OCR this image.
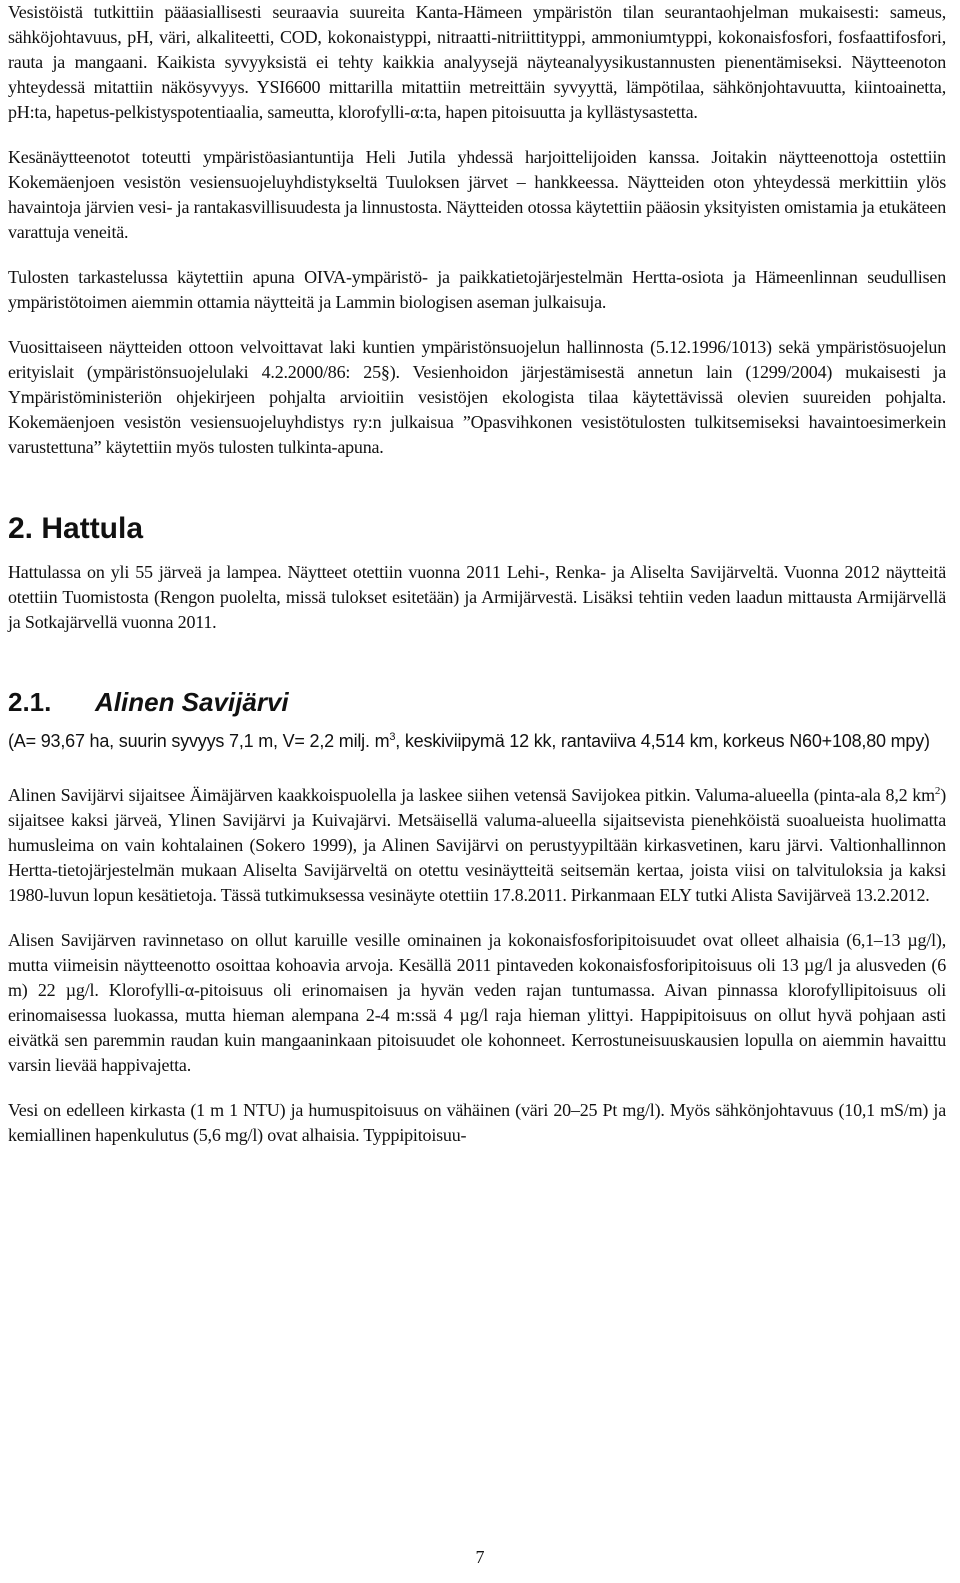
Vesistöistä tutkittiin pääasiallisesti seuraavia suureita Kanta-Hämeen ympäristön tilan seurantaohjelman mukaisesti: sameus, sähköjohtavuus, pH, väri, alkaliteetti, COD, kokonaistyppi, nitraatti-nitriittityppi, ammoniumtyppi, kokonaisfosfori, fosfaattifosfori, rauta ja mangaani. Kaikista syvyyksistä ei tehty kaikkia analyysejä näyteanalyysikustannusten pienentämiseksi. Näytteenoton yhteydessä mitattiin näkösyvyys. YSI6600 mittarilla mitattiin metreittäin syvyyttä, lämpötilaa, sähkönjohtavuutta, kiintoainetta, pH:ta, hapetus-pelkistyspotentiaalia, sameutta, klorofylli-α:ta, hapen pitoisuutta ja kyllästysastetta.

Kesänäytteenotot toteutti ympäristöasiantuntija Heli Jutila yhdessä harjoittelijoiden kanssa. Joitakin näytteenottoja ostettiin Kokemäenjoen vesistön vesiensuojeluyhdistykseltä Tuuloksen järvet – hankkeessa. Näytteiden oton yhteydessä merkittiin ylös havaintoja järvien vesi- ja rantakasvillisuudesta ja linnustosta. Näytteiden otossa käytettiin pääosin yksityisten omistamia ja etukäteen varattuja veneitä.

Tulosten tarkastelussa käytettiin apuna OIVA-ympäristö- ja paikkatietojärjestelmän Hertta-osiota ja Hämeenlinnan seudullisen ympäristötoimen aiemmin ottamia näytteitä ja Lammin biologisen aseman julkaisuja.

Vuosittaiseen näytteiden ottoon velvoittavat laki kuntien ympäristönsuojelun hallinnosta (5.12.1996/1013) sekä ympäristösuojelun erityislait (ympäristönsuojelulaki 4.2.2000/86: 25§). Vesienhoidon järjestämisestä annetun lain (1299/2004) mukaisesti ja Ympäristöministeriön ohjekirjeen pohjalta arvioitiin vesistöjen ekologista tilaa käytettävissä olevien suureiden pohjalta. Kokemäenjoen vesistön vesiensuojeluyhdistys ry:n julkaisua ”Opasvihkonen vesistötulosten tulkitsemiseksi havaintoesimerkein varustettuna” käytettiin myös tulosten tulkinta-apuna.

2. Hattula

Hattulassa on yli 55 järveä ja lampea. Näytteet otettiin vuonna 2011 Lehi-, Renka- ja Aliselta Savijärveltä. Vuonna 2012 näytteitä otettiin Tuomistosta (Rengon puolelta, missä tulokset esitetään) ja Armijärvestä. Lisäksi tehtiin veden laadun mittausta Armijärvellä ja Sotkajärvellä vuonna 2011.

2.1. Alinen Savijärvi

(A= 93,67 ha, suurin syvyys 7,1 m, V= 2,2 milj. $m^3$, keskiviipymä 12 kk, rantaviiva 4,514 km, korkeus N60+108,80 mpy)

Alinen Savijärvi sijaitsee Äimäjärven kaakkoispuolella ja laskee siihen vetensä Savijokea pitkin. Valuma-alueella (pinta-ala 8,2 $km^2$) sijaitsee kaksi järveä, Ylinen Savijärvi ja Kuivajärvi. Metsäisellä valuma-alueella sijaitsevista pienehköistä suoalueista huolimatta humusleima on vain kohtalainen (Sokero 1999), ja Alinen Savijärvi on perustyypiltään kirkasvetinen, karu järvi. Valtionhallinnon Hertta-tietojärjestelmän mukaan Aliselta Savijärveltä on otettu vesinäytteitä seitsemän kertaa, joista viisi on talvituloksia ja kaksi 1980-luvun lopun kesätietoja. Tässä tutkimuksessa vesinäyte otettiin 17.8.2011. Pirkanmaan ELY tutki Alista Savijärveä 13.2.2012.

Alisen Savijärven ravinnetaso on ollut karuille vesille ominainen ja kokonaisfosforipitoisuudet ovat olleet alhaisia (6,1–13 µg/l), mutta viimeisin näytteenotto osoittaa kohoavia arvoja. Kesällä 2011 pintaveden kokonaisfosforipitoisuus oli 13 µg/l ja alusveden (6 m) 22 µg/l. Klorofylli-α-pitoisuus oli erinomaisen ja hyvän veden rajan tuntumassa. Aivan pinnassa klorofyllipitoisuus oli erinomaisessa luokassa, mutta hieman alempana 2-4 m:ssä 4 µg/l raja hieman ylittyi. Happipitoisuus on ollut hyvä pohjaan asti eivätkä sen paremmin raudan kuin mangaaninkaan pitoisuudet ole kohonneet. Kerrostuneisuuskausien lopulla on aiemmin havaittu varsin lievää happivajetta.

Vesi on edelleen kirkasta (1 m 1 NTU) ja humuspitoisuus on vähäinen (väri 20–25 Pt mg/l). Myös sähkönjohtavuus (10,1 mS/m) ja kemiallinen hapenkulutus (5,6 mg/l) ovat alhaisia. Typpipitoisuu-

7
